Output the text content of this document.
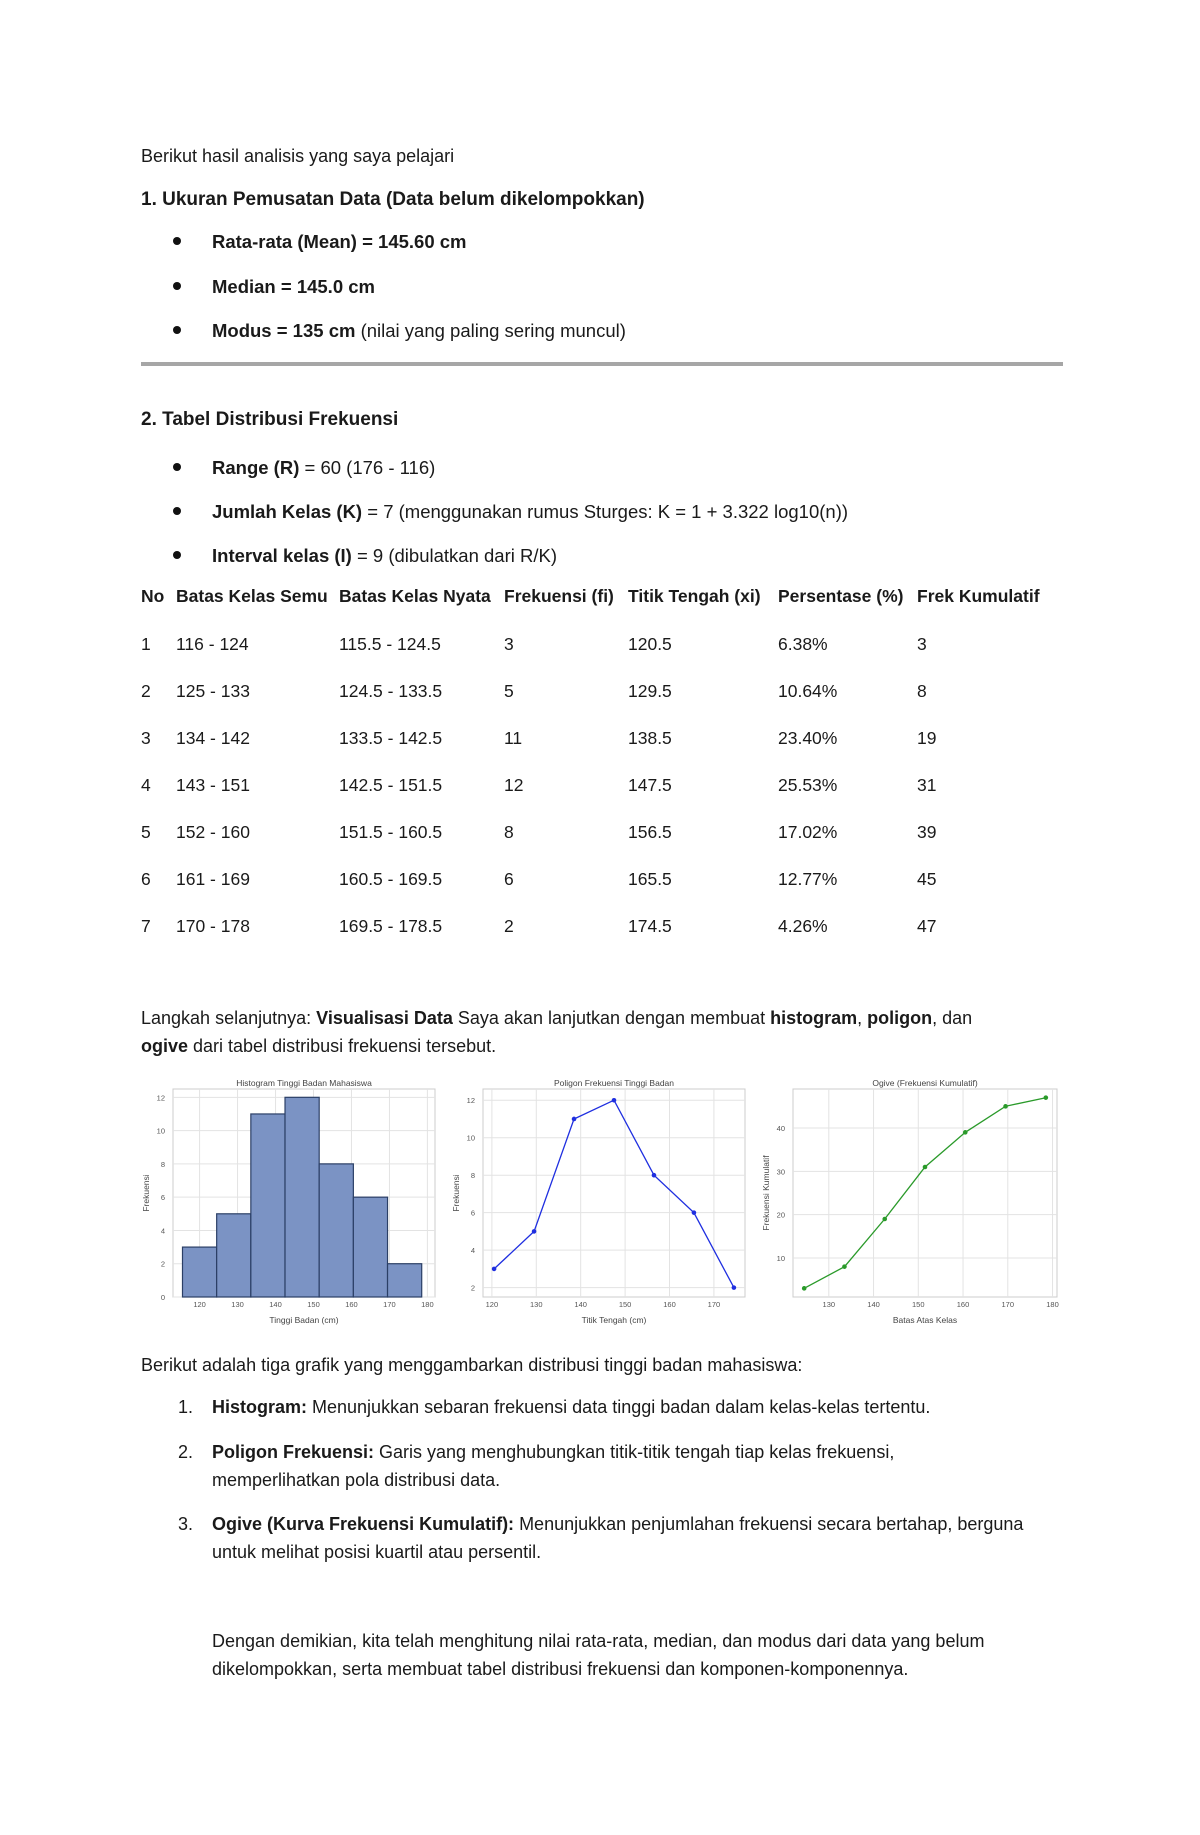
Berikut hasil analisis yang saya pelajari
1. Ukuran Pemusatan Data (Data belum dikelompokkan)
Rata-rata (Mean) = 145.60 cm
Median = 145.0 cm
Modus = 135 cm (nilai yang paling sering muncul)
2. Tabel Distribusi Frekuensi
Range (R) = 60 (176 - 116)
Jumlah Kelas (K) = 7 (menggunakan rumus Sturges: K = 1 + 3.322 log10(n))
Interval kelas (I) = 9 (dibulatkan dari R/K)
No	Batas Kelas Semu	Batas Kelas Nyata	Frekuensi (fi)	Titik Tengah (xi)	Persentase (%)	Frek Kumulatif
1	116 - 124	115.5 - 124.5	3	120.5	6.38%	3
2	125 - 133	124.5 - 133.5	5	129.5	10.64%	8
3	134 - 142	133.5 - 142.5	11	138.5	23.40%	19
4	143 - 151	142.5 - 151.5	12	147.5	25.53%	31
5	152 - 160	151.5 - 160.5	8	156.5	17.02%	39
6	161 - 169	160.5 - 169.5	6	165.5	12.77%	45
7	170 - 178	169.5 - 178.5	2	174.5	4.26%	47
Langkah selanjutnya: Visualisasi Data Saya akan lanjutkan dengan membuat histogram, poligon, dan
ogive dari tabel distribusi frekuensi tersebut.
120	130	140	150	160	170	180
0
2
4
6
8
10
12
Histogram Tinggi Badan Mahasiswa
Tinggi Badan (cm)
Frekuensi
120	130	140	150	160	170
2
4
6
8
10
12
Poligon Frekuensi Tinggi Badan
Titik Tengah (cm)
Frekuensi
130	140	150	160	170	180
10
20
30
40
Ogive (Frekuensi Kumulatif)
Batas Atas Kelas
Frekuensi Kumulatif
Berikut adalah tiga grafik yang menggambarkan distribusi tinggi badan mahasiswa:
1. Histogram: Menunjukkan sebaran frekuensi data tinggi badan dalam kelas-kelas tertentu.
2. Poligon Frekuensi: Garis yang menghubungkan titik-titik tengah tiap kelas frekuensi, memperlihatkan pola distribusi data.
3. Ogive (Kurva Frekuensi Kumulatif): Menunjukkan penjumlahan frekuensi secara bertahap, berguna untuk melihat posisi kuartil atau persentil.
Dengan demikian, kita telah menghitung nilai rata-rata, median, dan modus dari data yang belum dikelompokkan, serta membuat tabel distribusi frekuensi dan komponen-komponennya.
